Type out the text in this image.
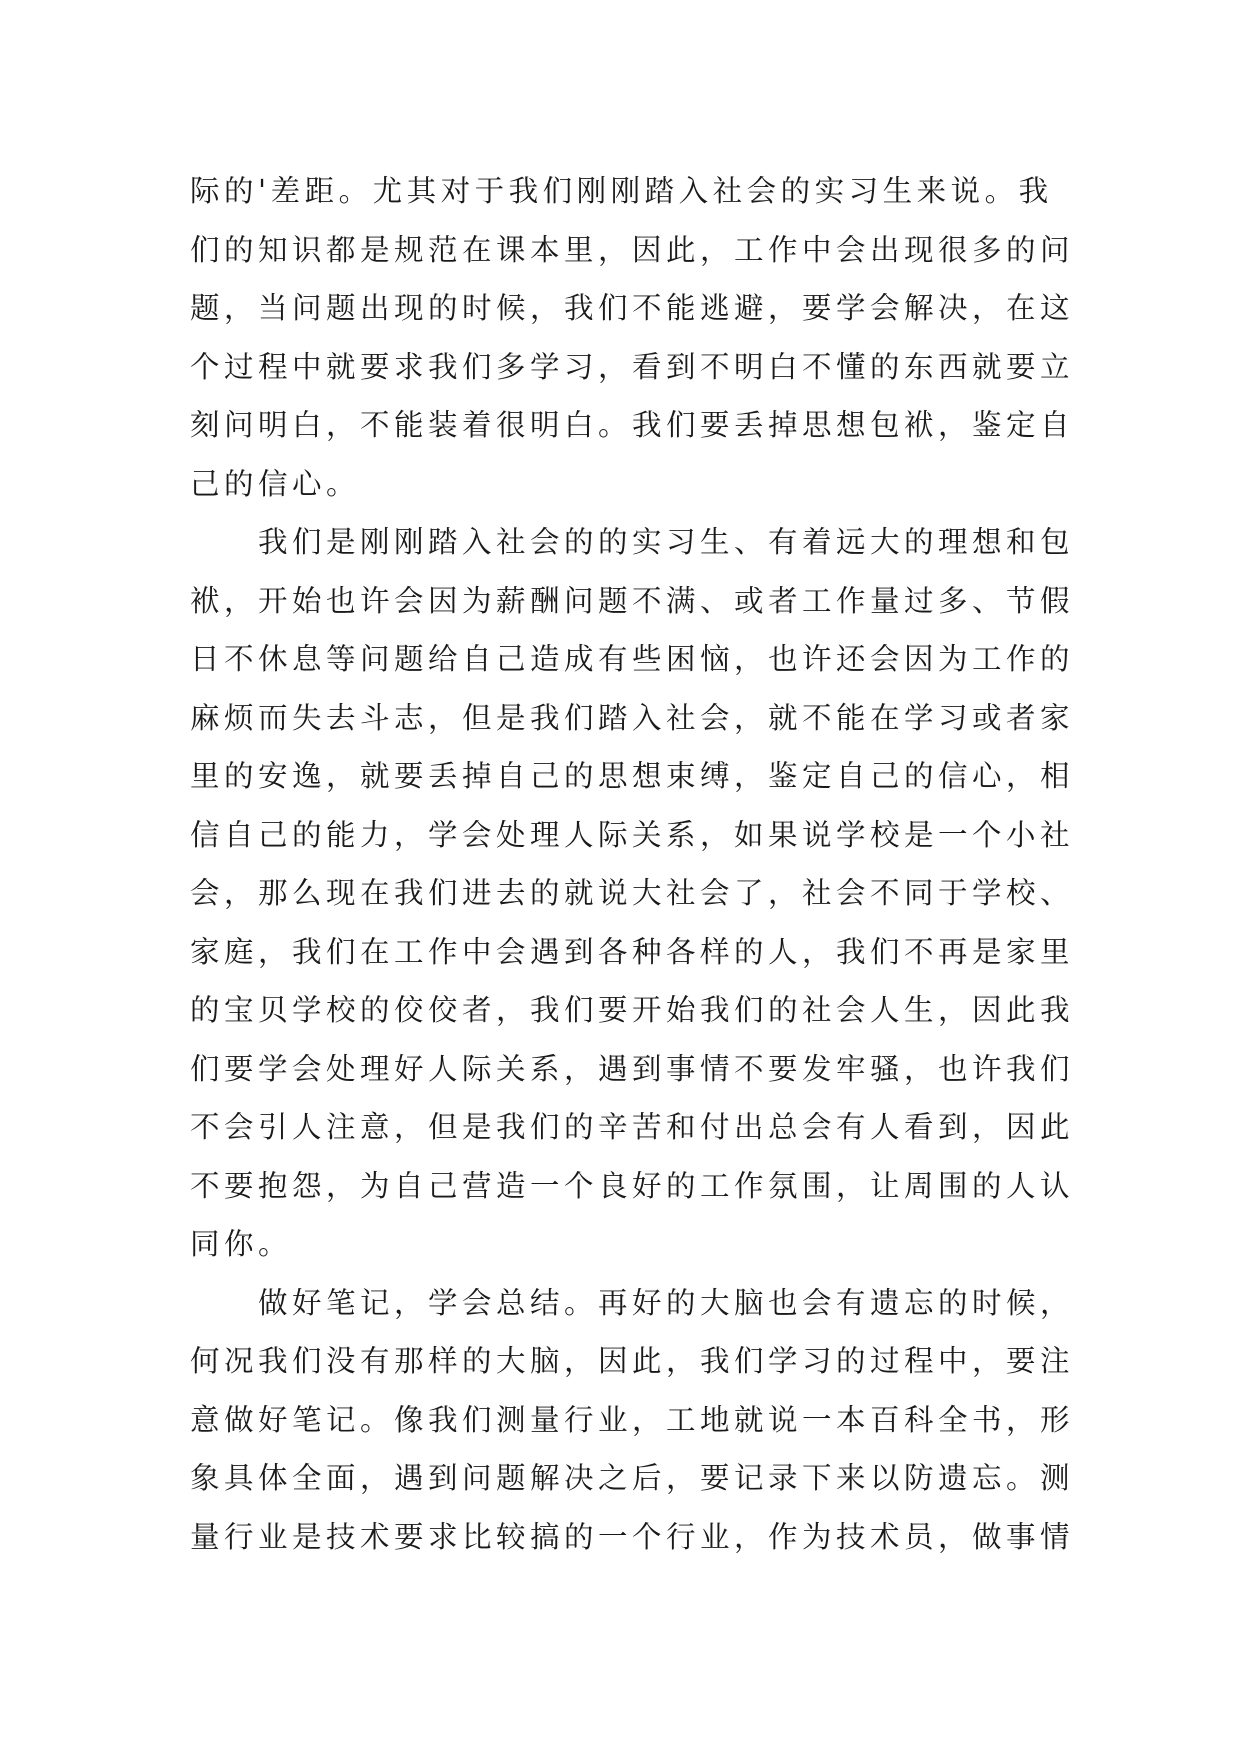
际的'差距。尤其对于我们刚刚踏入社会的实习生来说。我
们的知识都是规范在课本里，因此，工作中会出现很多的问
题，当问题出现的时候，我们不能逃避，要学会解决，在这
个过程中就要求我们多学习，看到不明白不懂的东西就要立
刻问明白，不能装着很明白。我们要丢掉思想包袱，鉴定自
己的信心。
　　我们是刚刚踏入社会的的实习生、有着远大的理想和包
袱，开始也许会因为薪酬问题不满、或者工作量过多、节假
日不休息等问题给自己造成有些困恼，也许还会因为工作的
麻烦而失去斗志，但是我们踏入社会，就不能在学习或者家
里的安逸，就要丢掉自己的思想束缚，鉴定自己的信心，相
信自己的能力，学会处理人际关系，如果说学校是一个小社
会，那么现在我们进去的就说大社会了，社会不同于学校、
家庭，我们在工作中会遇到各种各样的人，我们不再是家里
的宝贝学校的佼佼者，我们要开始我们的社会人生，因此我
们要学会处理好人际关系，遇到事情不要发牢骚，也许我们
不会引人注意，但是我们的辛苦和付出总会有人看到，因此
不要抱怨，为自己营造一个良好的工作氛围，让周围的人认
同你。
　　做好笔记，学会总结。再好的大脑也会有遗忘的时候，
何况我们没有那样的大脑，因此，我们学习的过程中，要注
意做好笔记。像我们测量行业，工地就说一本百科全书，形
象具体全面，遇到问题解决之后，要记录下来以防遗忘。测
量行业是技术要求比较搞的一个行业，作为技术员，做事情
